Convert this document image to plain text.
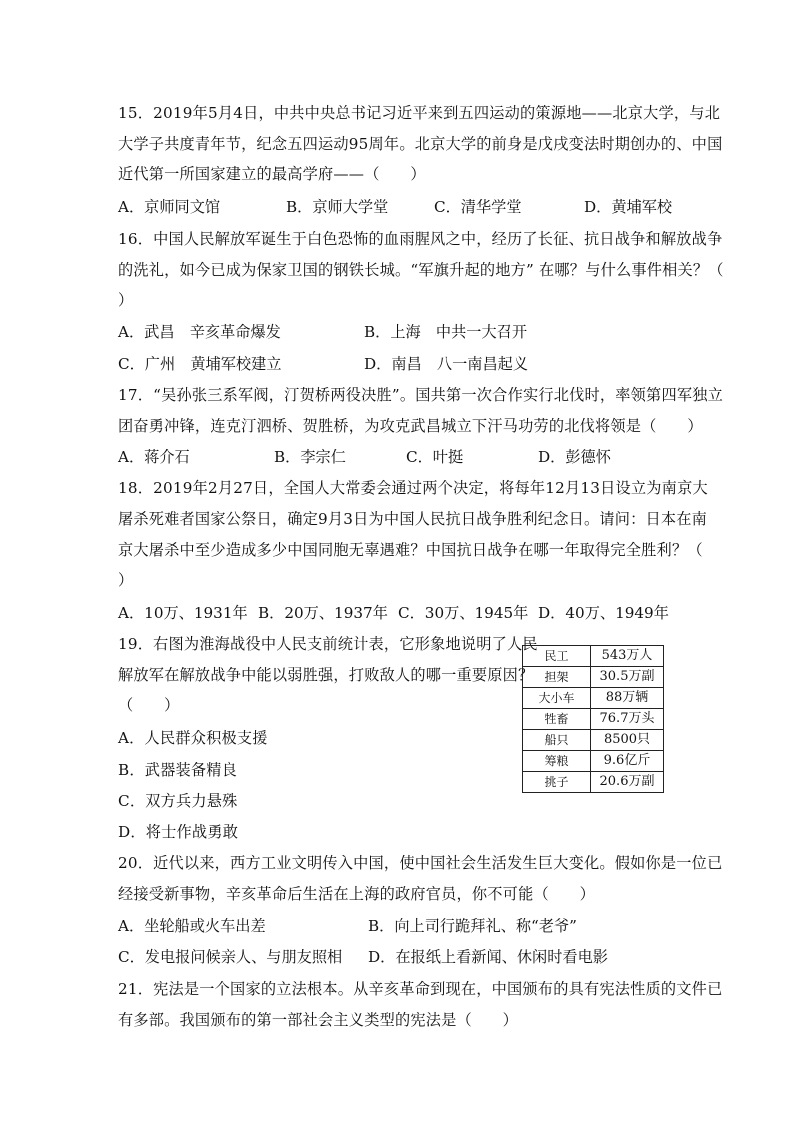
15．2019年5月4日，中共中央总书记习近平来到五四运动的策源地——北京大学，与北
大学子共度青年节，纪念五四运动95周年。北京大学的前身是戊戌变法时期创办的、中国
近代第一所国家建立的最高学府——（　　）
A．京师同文馆	B．京师大学堂	C．清华学堂	D．黄埔军校
16．中国人民解放军诞生于白色恐怖的血雨腥风之中，经历了长征、抗日战争和解放战争
的洗礼，如今已成为保家卫国的钢铁长城。“军旗升起的地方” 在哪？与什么事件相关？（
）
A．武昌　辛亥革命爆发	B．上海　中共一大召开
C．广州　黄埔军校建立	D．南昌　八一南昌起义
17．“吴孙张三系军阀，汀贺桥两役决胜”。国共第一次合作实行北伐时，率领第四军独立
团奋勇冲锋，连克汀泗桥、贺胜桥，为攻克武昌城立下汗马功劳的北伐将领是（　　）
A．蒋介石	B．李宗仁	C．叶挺	D．彭德怀
18．2019年2月27日，全国人大常委会通过两个决定，将每年12月13日设立为南京大
屠杀死难者国家公祭日，确定9月3日为中国人民抗日战争胜利纪念日。请问：日本在南
京大屠杀中至少造成多少中国同胞无辜遇难？中国抗日战争在哪一年取得完全胜利？（
）
A．10万、1931年 B．20万、1937年 C．30万、1945年 D．40万、1949年
19．右图为淮海战役中人民支前统计表，它形象地说明了人民
解放军在解放战争中能以弱胜强，打败敌人的哪一重要原因？
（　　）
A．人民群众积极支援
B．武器装备精良
C．双方兵力悬殊
D．将士作战勇敢
民工	543万人
担架	30.5万副
大小车	88万辆
牲畜	76.7万头
船只	8500只
筹粮	9.6亿斤
挑子	20.6万副
20．近代以来，西方工业文明传入中国，使中国社会生活发生巨大变化。假如你是一位已
经接受新事物，辛亥革命后生活在上海的政府官员，你不可能（　　）
A．坐轮船或火车出差	B．向上司行跪拜礼、称“老爷”
C．发电报问候亲人、与朋友照相 D．在报纸上看新闻、休闲时看电影
21．宪法是一个国家的立法根本。从辛亥革命到现在，中国颁布的具有宪法性质的文件已
有多部。我国颁布的第一部社会主义类型的宪法是（　　）
